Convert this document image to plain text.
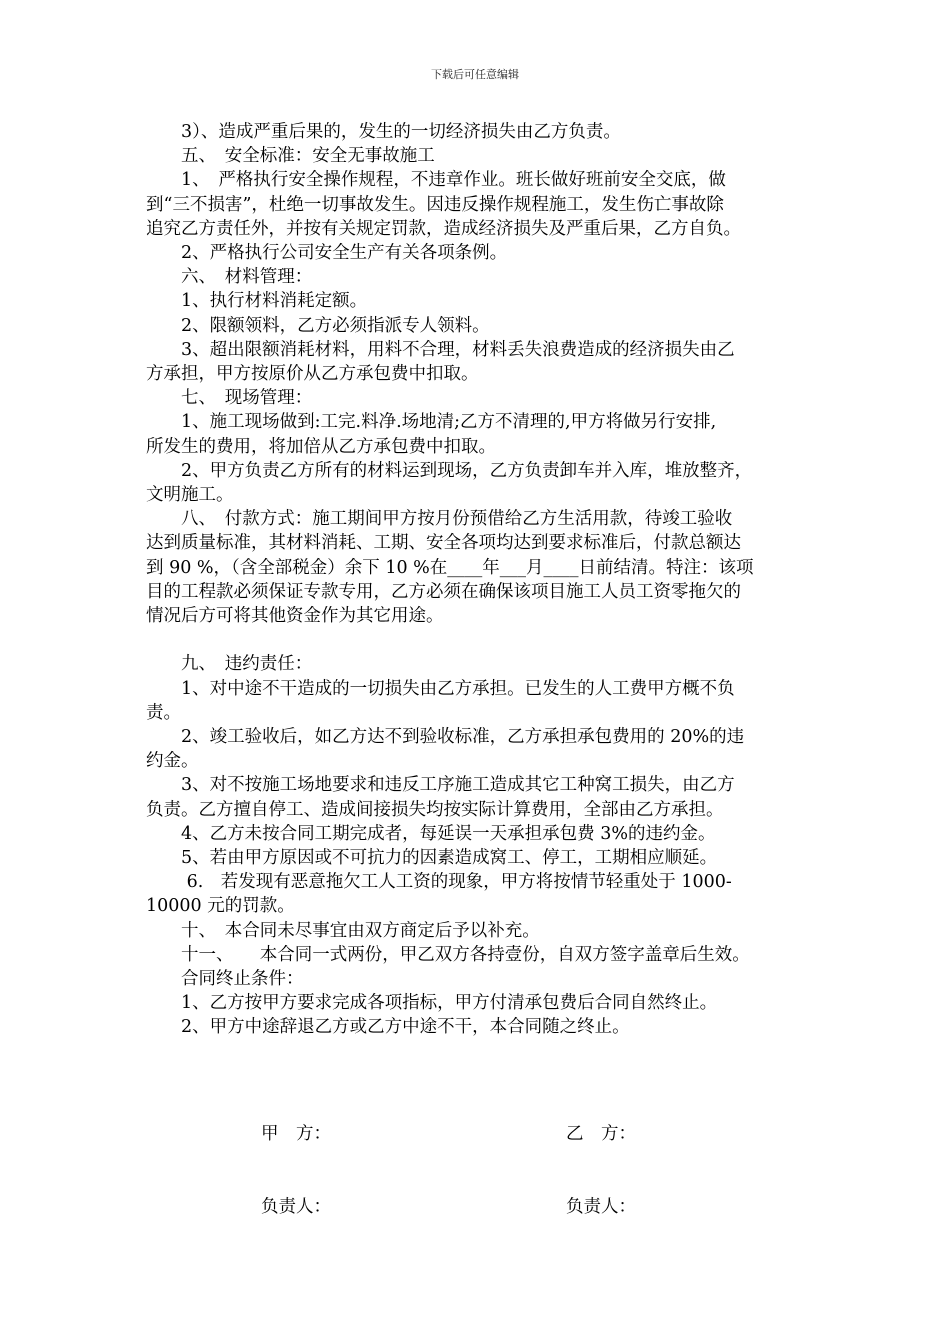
下载后可任意编辑
　　3）、造成严重后果的，发生的一切经济损失由乙方负责。
　　五、　安全标准：安全无事故施工
　　1、　严格执行安全操作规程，不违章作业。班长做好班前安全交底，做
到“三不损害”，杜绝一切事故发生。因违反操作规程施工，发生伤亡事故除
追究乙方责任外，并按有关规定罚款，造成经济损失及严重后果，乙方自负。
　　2、严格执行公司安全生产有关各项条例。
　　六、　材料管理：
　　1、执行材料消耗定额。
　　2、限额领料，乙方必须指派专人领料。
　　3、超出限额消耗材料，用料不合理，材料丢失浪费造成的经济损失由乙
方承担，甲方按原价从乙方承包费中扣取。
　　七、　现场管理：
　　1、施工现场做到:工完.料净.场地清;乙方不清理的,甲方将做另行安排,
所发生的费用，将加倍从乙方承包费中扣取。
　　2、甲方负责乙方所有的材料运到现场，乙方负责卸车并入库，堆放整齐，
文明施工。
　　八、　付款方式：施工期间甲方按月份预借给乙方生活用款，待竣工验收
达到质量标准，其材料消耗、工期、安全各项均达到要求标准后，付款总额达
到 90 %，（含全部税金）余下 10 %在____年___月____日前结清。特注：该项
目的工程款必须保证专款专用，乙方必须在确保该项目施工人员工资零拖欠的
情况后方可将其他资金作为其它用途。
　　九、　违约责任：
　　1、对中途不干造成的一切损失由乙方承担。已发生的人工费甲方概不负
责。
　　2、竣工验收后，如乙方达不到验收标准，乙方承担承包费用的 20%的违
约金。
　　3、对不按施工场地要求和违反工序施工造成其它工种窝工损失，由乙方
负责。乙方擅自停工、造成间接损失均按实际计算费用，全部由乙方承担。
　　4、乙方未按合同工期完成者，每延误一天承担承包费 3%的违约金。
　　5、若由甲方原因或不可抗力的因素造成窝工、停工，工期相应顺延。
　　 6.　若发现有恶意拖欠工人工资的现象，甲方将按情节轻重处于 1000-
10000 元的罚款。
　　十、　本合同未尽事宜由双方商定后予以补充。
　　十一、　　本合同一式两份，甲乙双方各持壹份，自双方签字盖章后生效。
　　合同终止条件：
　　1、乙方按甲方要求完成各项指标，甲方付清承包费后合同自然终止。
　　2、甲方中途辞退乙方或乙方中途不干，本合同随之终止。
甲　方：	乙　方：
负责人：	负责人：
